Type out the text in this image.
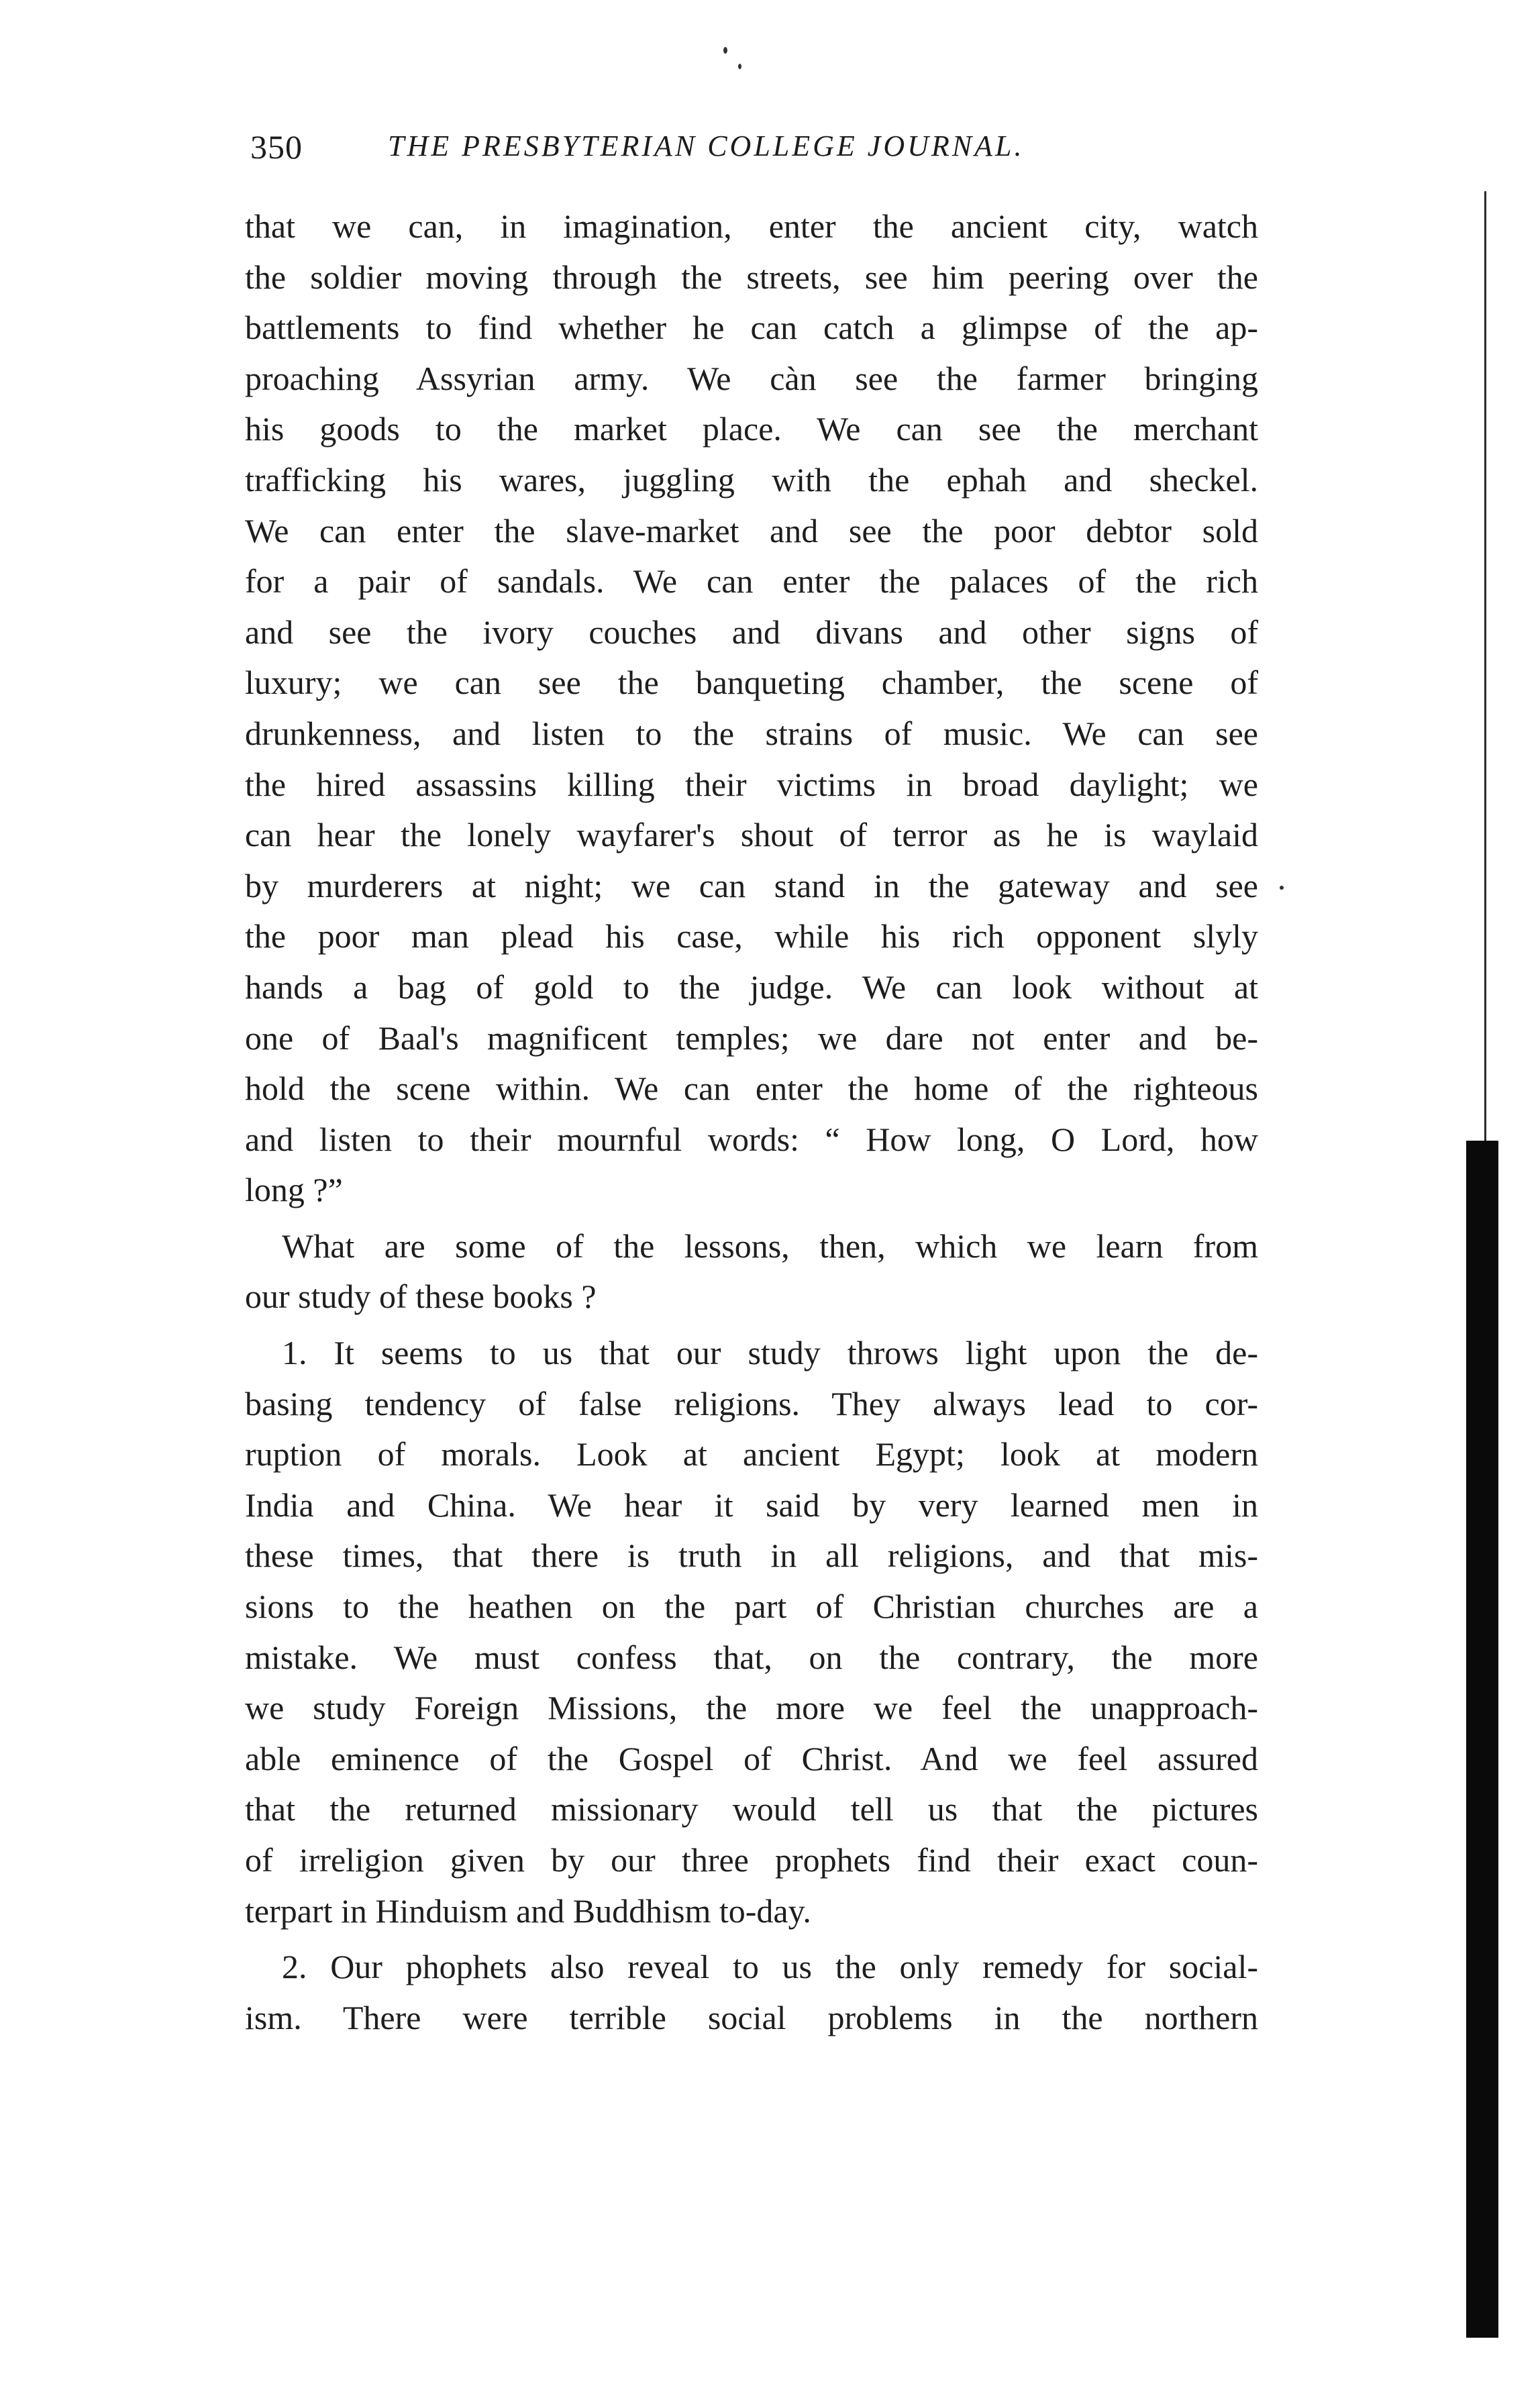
350	THE PRESBYTERIAN COLLEGE JOURNAL.
that we can, in imagination, enter the ancient city, watch
the soldier moving through the streets, see him peering over the
battlements to find whether he can catch a glimpse of the ap-
proaching Assyrian army. We càn see the farmer bringing
his goods to the market place. We can see the merchant
trafficking his wares, juggling with the ephah and sheckel.
We can enter the slave-market and see the poor debtor sold
for a pair of sandals. We can enter the palaces of the rich
and see the ivory couches and divans and other signs of
luxury; we can see the banqueting chamber, the scene of
drunkenness, and listen to the strains of music. We can see
the hired assassins killing their victims in broad daylight; we
can hear the lonely wayfarer's shout of terror as he is waylaid
by murderers at night; we can stand in the gateway and see
the poor man plead his case, while his rich opponent slyly
hands a bag of gold to the judge. We can look without at
one of Baal's magnificent temples; we dare not enter and be-
hold the scene within. We can enter the home of the righteous
and listen to their mournful words: “ How long, O Lord, how
long ?”
What are some of the lessons, then, which we learn from
our study of these books ?
1. It seems to us that our study throws light upon the de-
basing tendency of false religions. They always lead to cor-
ruption of morals. Look at ancient Egypt; look at modern
India and China. We hear it said by very learned men in
these times, that there is truth in all religions, and that mis-
sions to the heathen on the part of Christian churches are a
mistake. We must confess that, on the contrary, the more
we study Foreign Missions, the more we feel the unapproach-
able eminence of the Gospel of Christ. And we feel assured
that the returned missionary would tell us that the pictures
of irreligion given by our three prophets find their exact coun-
terpart in Hinduism and Buddhism to-day.
2. Our phophets also reveal to us the only remedy for social-
ism. There were terrible social problems in the northern
